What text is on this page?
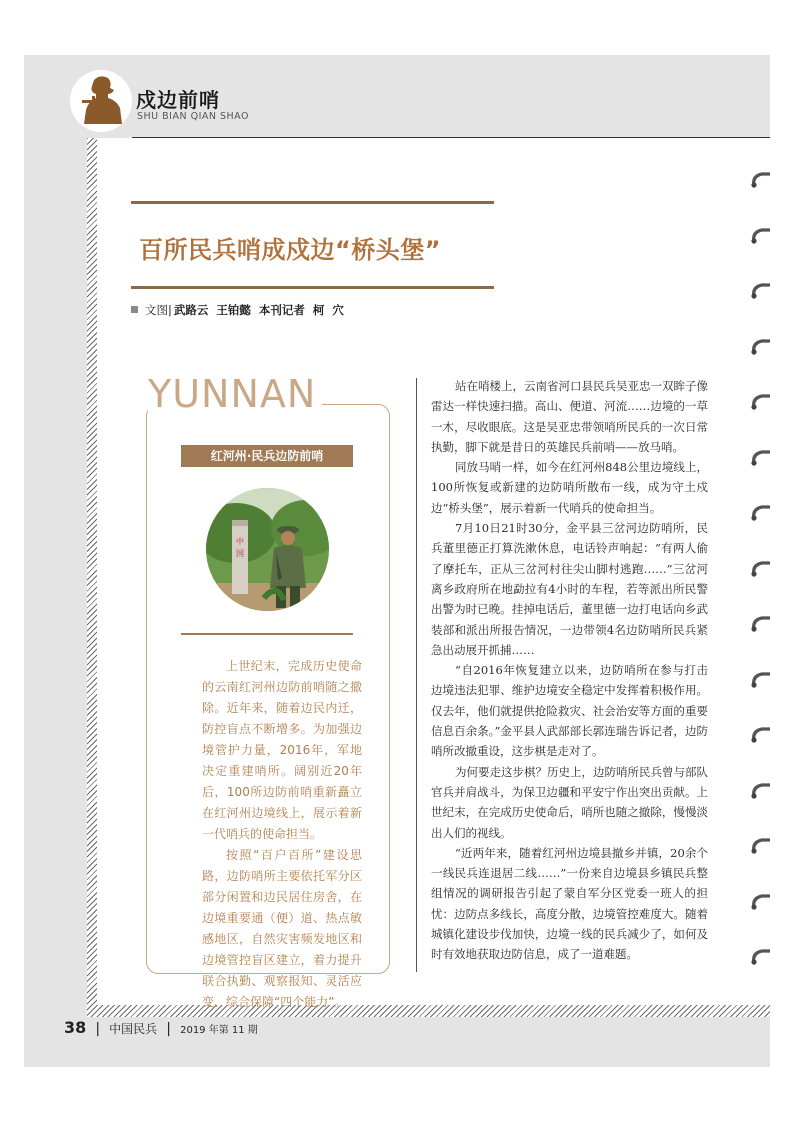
戍边前哨
SHU BIAN QIAN SHAO
百所民兵哨成戍边“桥头堡”
文图| 武路云 王铂懿 本刊记者 柯 穴
YUNNAN
红河州·民兵边防前哨
中
国

上世纪末，完成历史使命的云南红河州边防前哨随之撤除。近年来，随着边民内迁，防控盲点不断增多。为加强边境管护力量，2016年，军地决定重建哨所。阔别近20年后，100所边防前哨重新矗立在红河州边境线上，展示着新一代哨兵的使命担当。

按照“百户百所”建设思路，边防哨所主要依托军分区部分闲置和边民居住房舍，在边境重要通（便）道、热点敏感地区，自然灾害频发地区和边境管控盲区建立，着力提升联合执勤、观察报知、灵活应变、综合保障“四个能力”。

站在哨楼上，云南省河口县民兵吴亚忠一双眸子像雷达一样快速扫描。高山、便道、河流……边境的一草一木，尽收眼底。这是吴亚忠带领哨所民兵的一次日常执勤，脚下就是昔日的英雄民兵前哨——放马哨。

同放马哨一样，如今在红河州848公里边境线上，100所恢复或新建的边防哨所散布一线，成为守土戍边“桥头堡”，展示着新一代哨兵的使命担当。

7月10日21时30分，金平县三岔河边防哨所，民兵董里德正打算洗漱休息，电话铃声响起：“有两人偷了摩托车，正从三岔河村往尖山脚村逃跑……”三岔河离乡政府所在地勐拉有4小时的车程，若等派出所民警出警为时已晚。挂掉电话后，董里德一边打电话向乡武装部和派出所报告情况，一边带领4名边防哨所民兵紧急出动展开抓捕……

“自2016年恢复建立以来，边防哨所在参与打击边境违法犯罪、维护边境安全稳定中发挥着积极作用。仅去年，他们就提供抢险救灾、社会治安等方面的重要信息百余条。”金平县人武部部长郭连瑞告诉记者，边防哨所改撤重设，这步棋是走对了。

为何要走这步棋？历史上，边防哨所民兵曾与部队官兵并肩战斗，为保卫边疆和平安宁作出突出贡献。上世纪末，在完成历史使命后，哨所也随之撤除，慢慢淡出人们的视线。

“近两年来，随着红河州边境县撤乡并镇，20余个一线民兵连退居二线……”一份来自边境县乡镇民兵整组情况的调研报告引起了蒙自军分区党委一班人的担忧：边防点多线长，高度分散，边境管控难度大。随着城镇化建设步伐加快，边境一线的民兵减少了，如何及时有效地获取边防信息，成了一道难题。

38 | 中国民兵 | 2019 年第 11 期
